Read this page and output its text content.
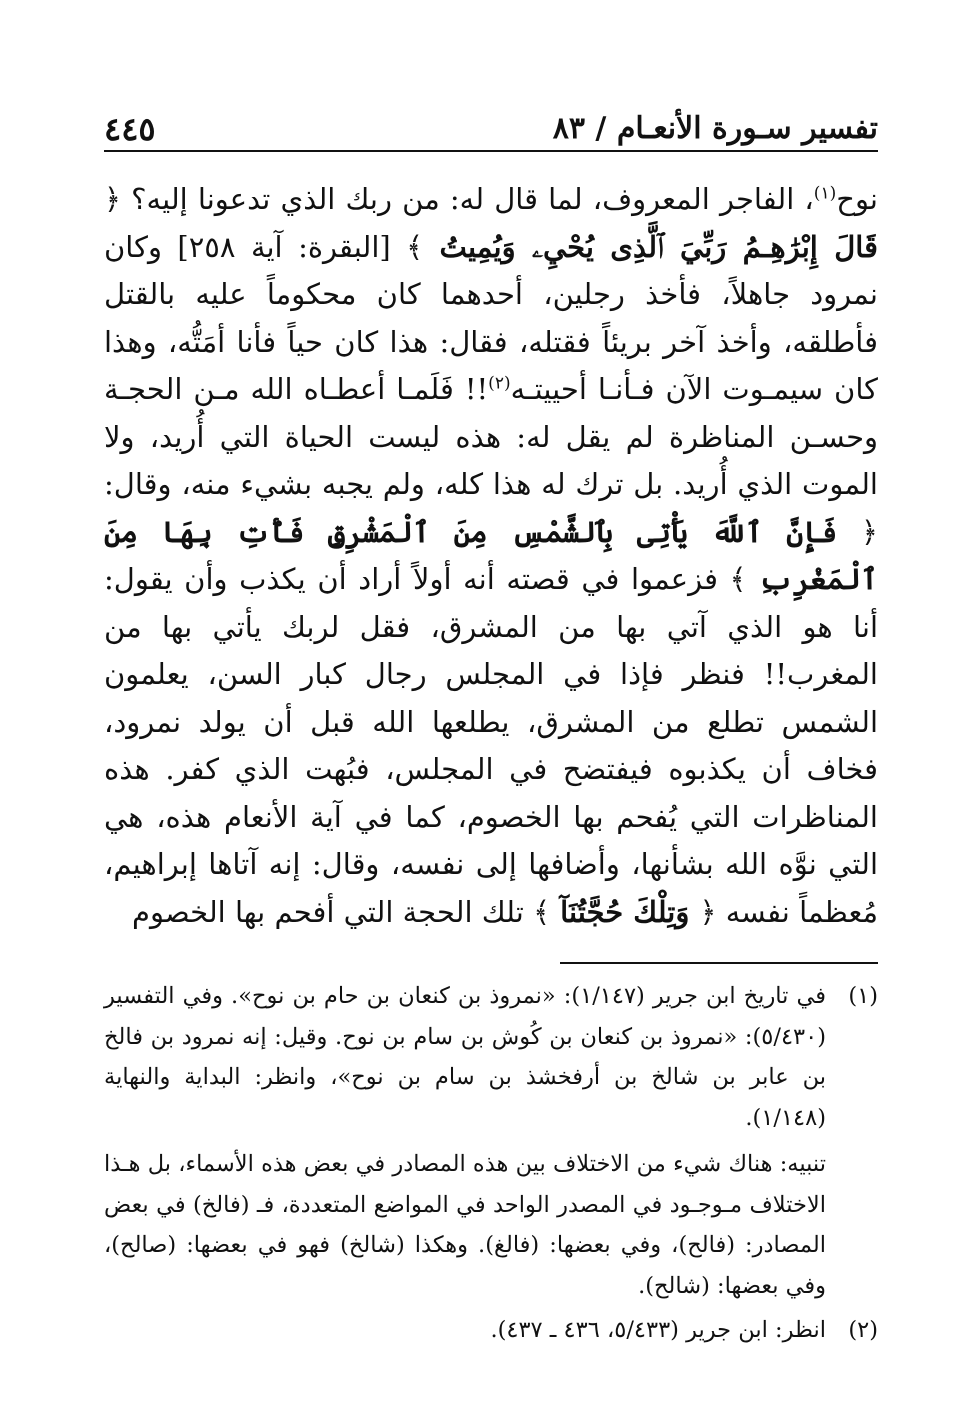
تفسير سـورة الأنعـام / ٨٣
٤٤٥

نوح$^{(١)}$، الفاجر المعروف، لما قال له: من ربك الذي تدعونا إليه؟ ﴿ قَالَ إِبْرَٰهِـمُ رَبِّيَ ٱلَّذِى يُحْيِۦ وَيُمِيتُ ﴾ [البقرة: آية ٢٥٨] وكان نمرود جاهلاً، فأخذ رجلين، أحدهما كان محكوماً عليه بالقتل فأطلقه، وأخذ آخر بريئاً فقتله، فقال: هذا كان حياً فأنا أمَتُّه، وهذا كان سيمـوت الآن فـأنـا أحييتـه$^{(٢)}$!! فَلَمـا أعطـاه الله مـن الحجـة وحسـن المناظرة لم يقل له: هذه ليست الحياة التي أُريد، ولا الموت الذي أُريد. بل ترك له هذا كله، ولم يجبه بشيء منه، وقال: ﴿ فَإِنَّ ٱللَّهَ يَأْتِى بِٱلشَّمْسِ مِنَ ٱلْمَشْرِقِ فَأْتِ بِهَا مِنَ ٱلْمَغْرِبِ ﴾ فزعموا في قصته أنه أولاً أراد أن يكذب وأن يقول: أنا هو الذي آتي بها من المشرق، فقل لربك يأتي بها من المغرب!! فنظر فإذا في المجلس رجال كبار السن، يعلمون الشمس تطلع من المشرق، يطلعها الله قبل أن يولد نمرود، فخاف أن يكذبوه فيفتضح في المجلس، فبُهت الذي كفر. هذه المناظرات التي يُفحم بها الخصوم، كما في آية الأنعام هذه، هي التي نوَّه الله بشأنها، وأضافها إلى نفسه، وقال: إنه آتاها إبراهيم، مُعظماً نفسه ﴿ وَتِلْكَ حُجَّتُنَآ ﴾ تلك الحجة التي أفحم بها الخصوم

(١)

في تاريخ ابن جرير (١/١٤٧): «نمروذ بن كنعان بن حام بن نوح». وفي التفسير (٥/٤٣٠): «نمروذ بن كنعان بن كُوش بن سام بن نوح. وقيل: إنه نمرود بن فالخ بن عابر بن شالخ بن أرفخشذ بن سام بن نوح»، وانظر: البداية والنهاية (١/١٤٨).

تنبيه: هناك شيء من الاختلاف بين هذه المصادر في بعض هذه الأسماء، بل هـذا الاختلاف مـوجـود في المصدر الواحد في المواضع المتعددة، فـ (فالخ) في بعض المصادر: (فالح)، وفي بعضها: (فالغ). وهكذا (شالخ) فهو في بعضها: (صالح)، وفي بعضها: (شالح).

(٢)

انظر: ابن جرير (٥/٤٣٣، ٤٣٦ ـ ٤٣٧).
